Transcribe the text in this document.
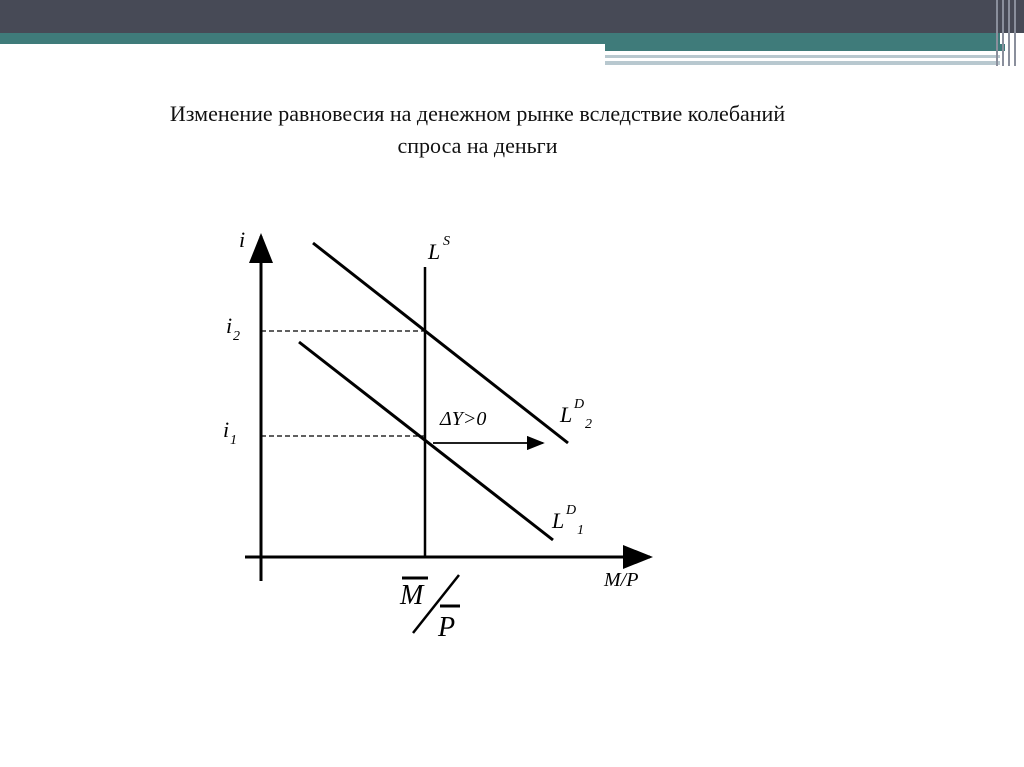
Изменение равновесия на денежном рынке вследствие колебаний
спроса на деньги
i
M/P
L S
i 2
i 1
L D
2
L D
1
ΔY>0
M
P
